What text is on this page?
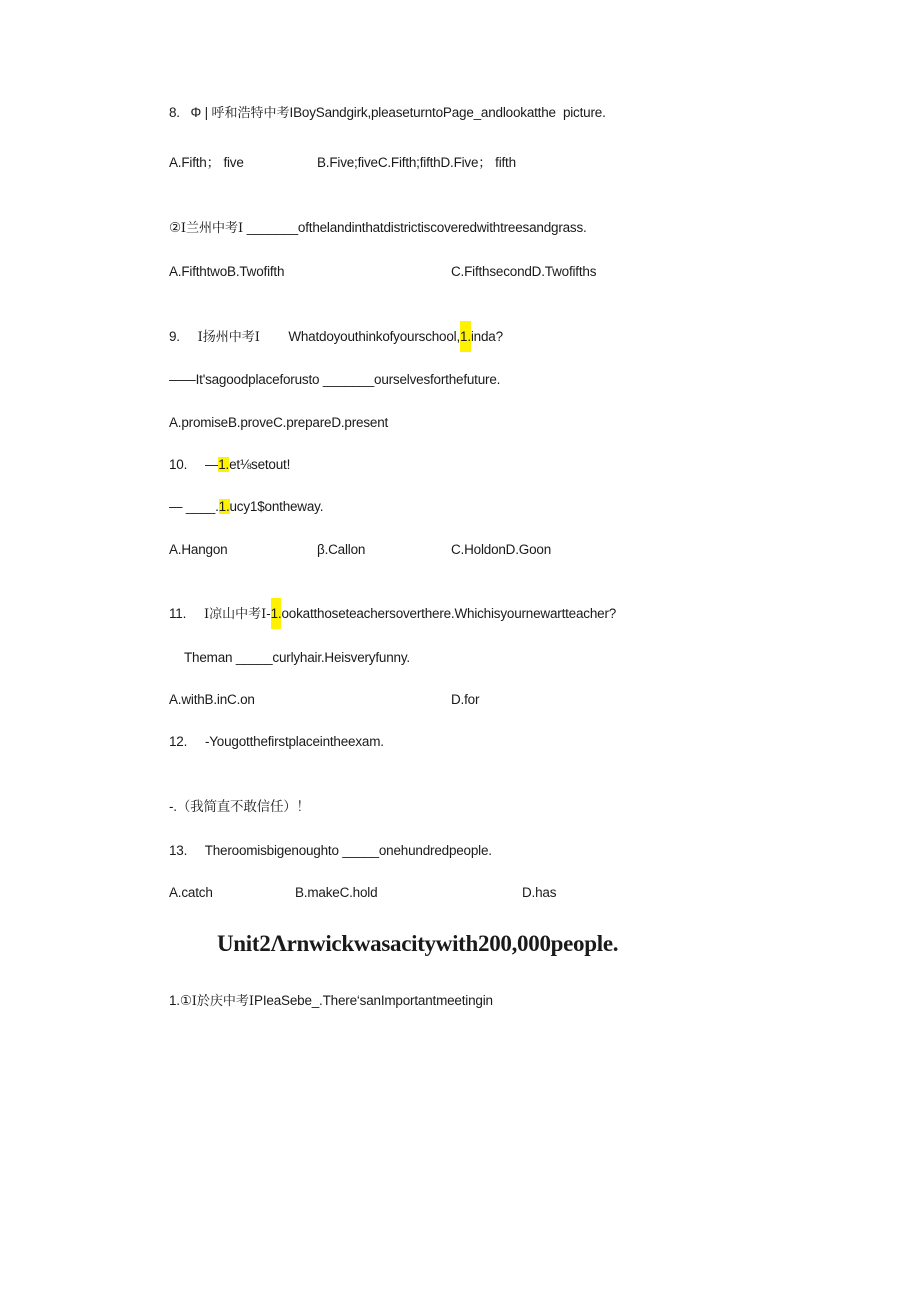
8. Φ | 呼和浩特中考IBoySandgirk,pleaseturntoPage_andlookatthe  picture.
A.Fifth； five	B.Five;fiveC.Fifth;fifthD.Five； fifth
②I兰州中考I _______ofthelandinthatdistrictiscoveredwithtreesandgrass.
A.FifthtwoB.Twofifth	C.FifthsecondD.Twofifths
9. I扬州中考I Whatdoyouthinkofyourschool,1.inda?
——It'sagoodplaceforusto _______ourselvesforthefuture.
A.promiseB.proveC.prepareD.present
10. —1.et⅛setout!
— ____.1.ucy1$ontheway.
A.Hangon	β.Callon	C.HoldonD.Goon
11. I凉山中考I-1.ookatthoseteachersoverthere.Whichisyournewartteacher?
Theman _____curlyhair.Heisveryfunny.
A.withB.inC.on	D.for
12. -Yougotthefirstplaceintheexam.
-.（我简直不敢信任）！
13. Theroomisbigenoughto _____onehundredpeople.
A.catch	B.makeC.hold	D.has
Unit2Λrnwickwasacitywith200,000people.
1.①I於庆中考IPIeaSebe_.There‘sanImportantmeetingin
